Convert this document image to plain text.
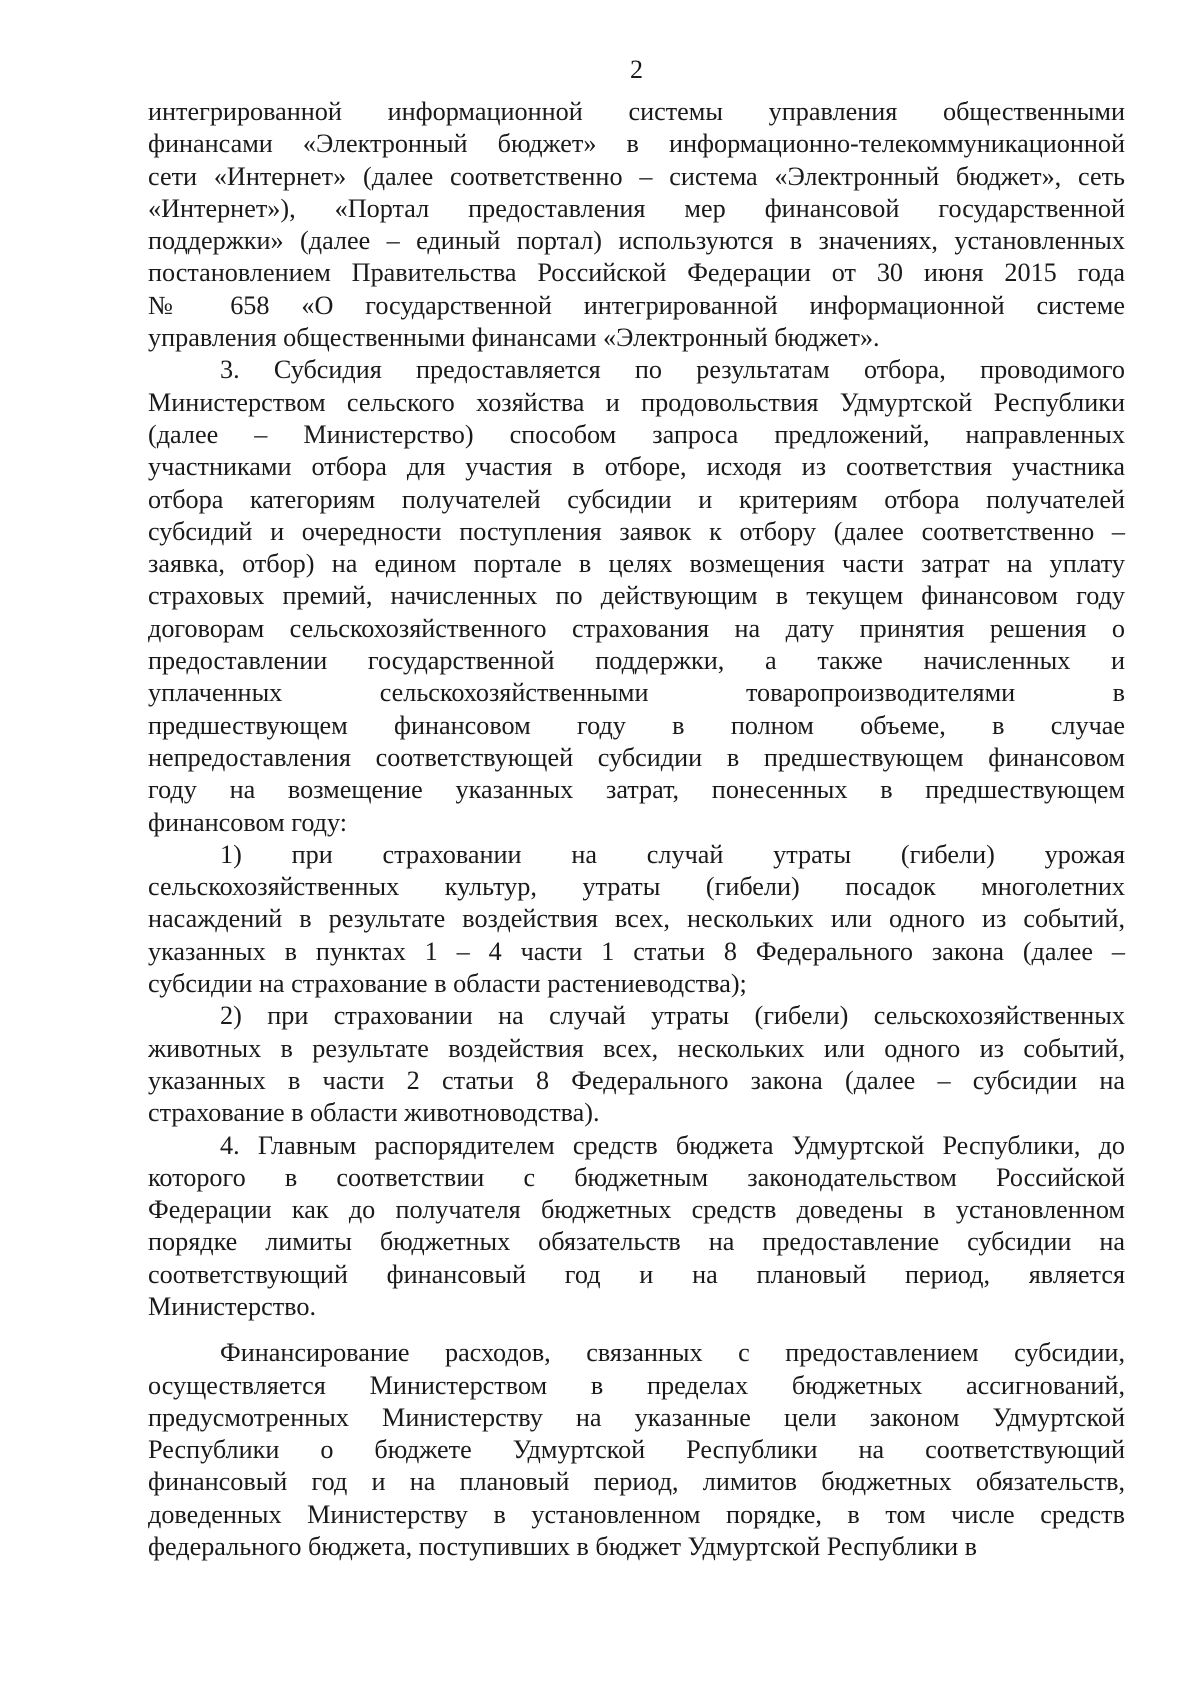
2
интегрированной информационной системы управления общественными
финансами «Электронный бюджет» в информационно-телекоммуникационной
сети «Интернет» (далее соответственно – система «Электронный бюджет», сеть
«Интернет»), «Портал предоставления мер финансовой государственной
поддержки» (далее – единый портал) используются в значениях, установленных
постановлением Правительства Российской Федерации от 30 июня 2015 года
№ 658 «О государственной интегрированной информационной системе
управления общественными финансами «Электронный бюджет».
3. Субсидия предоставляется по результатам отбора, проводимого
Министерством сельского хозяйства и продовольствия Удмуртской Республики
(далее – Министерство) способом запроса предложений, направленных
участниками отбора для участия в отборе, исходя из соответствия участника
отбора категориям получателей субсидии и критериям отбора получателей
субсидий и очередности поступления заявок к отбору (далее соответственно –
заявка, отбор) на едином портале в целях возмещения части затрат на уплату
страховых премий, начисленных по действующим в текущем финансовом году
договорам сельскохозяйственного страхования на дату принятия решения о
предоставлении государственной поддержки, а также начисленных и
уплаченных сельскохозяйственными товаропроизводителями в
предшествующем финансовом году в полном объеме, в случае
непредоставления соответствующей субсидии в предшествующем финансовом
году на возмещение указанных затрат, понесенных в предшествующем
финансовом году:
1) при страховании на случай утраты (гибели) урожая
сельскохозяйственных культур, утраты (гибели) посадок многолетних
насаждений в результате воздействия всех, нескольких или одного из событий,
указанных в пунктах 1 – 4 части 1 статьи 8 Федерального закона (далее –
субсидии на страхование в области растениеводства);
2) при страховании на случай утраты (гибели) сельскохозяйственных
животных в результате воздействия всех, нескольких или одного из событий,
указанных в части 2 статьи 8 Федерального закона (далее – субсидии на
страхование в области животноводства).
4. Главным распорядителем средств бюджета Удмуртской Республики, до
которого в соответствии с бюджетным законодательством Российской
Федерации как до получателя бюджетных средств доведены в установленном
порядке лимиты бюджетных обязательств на предоставление субсидии на
соответствующий финансовый год и на плановый период, является
Министерство.
Финансирование расходов, связанных с предоставлением субсидии,
осуществляется Министерством в пределах бюджетных ассигнований,
предусмотренных Министерству на указанные цели законом Удмуртской
Республики о бюджете Удмуртской Республики на соответствующий
финансовый год и на плановый период, лимитов бюджетных обязательств,
доведенных Министерству в установленном порядке, в том числе средств
федерального бюджета, поступивших в бюджет Удмуртской Республики в
